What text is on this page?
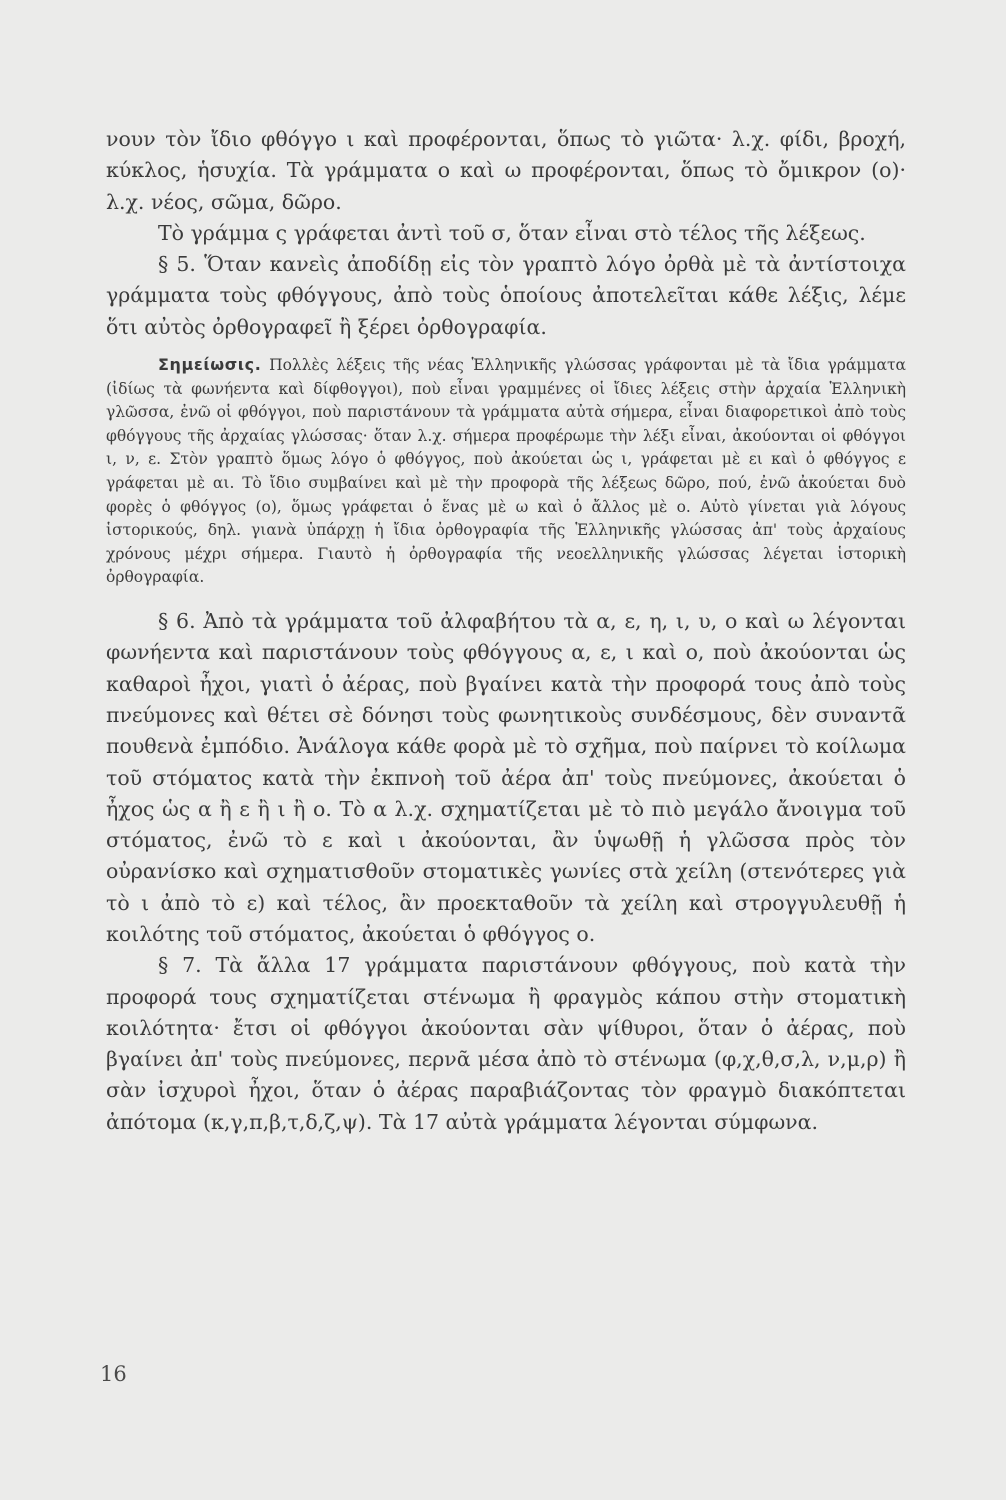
νουν τὸν ἴδιο φθόγγο ι καὶ προφέρονται, ὅπως τὸ γιῶτα· λ.χ. φίδι, βροχή, κύκλος, ἡσυχία. Τὰ γράμματα ο καὶ ω προφέρονται, ὅπως τὸ ὄμικρον (ο)· λ.χ. νέος, σῶμα, δῶρο.

Τὸ γράμμα ς γράφεται ἀντὶ τοῦ σ, ὅταν εἶναι στὸ τέλος τῆς λέξεως.

§ 5. Ὅταν κανεὶς ἀποδίδῃ εἰς τὸν γραπτὸ λόγο ὀρθὰ μὲ τὰ ἀντίστοιχα γράμματα τοὺς φθόγγους, ἀπὸ τοὺς ὁποίους ἀποτελεῖται κάθε λέξις, λέμε ὅτι αὐτὸς ὀρθογραφεῖ ἢ ξέρει ὀρθογραφία.

Σημείωσις. Πολλὲς λέξεις τῆς νέας Ἑλληνικῆς γλώσσας γράφονται μὲ τὰ ἴδια γράμματα (ἰδίως τὰ φωνήεντα καὶ δίφθογγοι), ποὺ εἶναι γραμμένες οἱ ἴδιες λέξεις στὴν ἀρχαία Ἑλληνικὴ γλῶσσα, ἐνῶ οἱ φθόγγοι, ποὺ παριστάνουν τὰ γράμματα αὐτὰ σήμερα, εἶναι διαφορετικοὶ ἀπὸ τοὺς φθόγγους τῆς ἀρχαίας γλώσσας· ὅταν λ.χ. σήμερα προφέρωμε τὴν λέξι εἶναι, ἀκούονται οἱ φθόγγοι ι, ν, ε. Στὸν γραπτὸ ὅμως λόγο ὁ φθόγγος, ποὺ ἀκούεται ὡς ι, γράφεται μὲ ει καὶ ὁ φθόγγος ε γράφεται μὲ αι. Τὸ ἴδιο συμβαίνει καὶ μὲ τὴν προφορὰ τῆς λέξεως δῶρο, πού, ἐνῶ ἀκούεται δυὸ φορὲς ὁ φθόγγος (ο), ὅμως γράφεται ὁ ἕνας μὲ ω καὶ ὁ ἄλλος μὲ ο. Αὐτὸ γίνεται γιὰ λόγους ἱστορικούς, δηλ. γιανὰ ὑπάρχῃ ἡ ἴδια ὀρθογραφία τῆς Ἑλληνικῆς γλώσσας ἀπ' τοὺς ἀρχαίους χρόνους μέχρι σήμερα. Γιαυτὸ ἡ ὀρθογραφία τῆς νεοελληνικῆς γλώσσας λέγεται ἱστορικὴ ὀρθογραφία.

§ 6. Ἀπὸ τὰ γράμματα τοῦ ἀλφαβήτου τὰ α, ε, η, ι, υ, ο καὶ ω λέγονται φωνήεντα καὶ παριστάνουν τοὺς φθόγγους α, ε, ι καὶ ο, ποὺ ἀκούονται ὡς καθαροὶ ἦχοι, γιατὶ ὁ ἀέρας, ποὺ βγαίνει κατὰ τὴν προφορά τους ἀπὸ τοὺς πνεύμονες καὶ θέτει σὲ δόνησι τοὺς φωνητικοὺς συνδέσμους, δὲν συναντᾶ πουθενὰ ἐμπόδιο. Ἀνάλογα κάθε φορὰ μὲ τὸ σχῆμα, ποὺ παίρνει τὸ κοίλωμα τοῦ στόματος κατὰ τὴν ἐκπνοὴ τοῦ ἀέρα ἀπ' τοὺς πνεύμονες, ἀκούεται ὁ ἦχος ὡς α ἢ ε ἢ ι ἢ ο. Τὸ α λ.χ. σχηματίζεται μὲ τὸ πιὸ μεγάλο ἄνοιγμα τοῦ στόματος, ἐνῶ τὸ ε καὶ ι ἀκούονται, ἂν ὑψωθῇ ἡ γλῶσσα πρὸς τὸν οὐρανίσκο καὶ σχηματισθοῦν στοματικὲς γωνίες στὰ χείλη (στενότερες γιὰ τὸ ι ἀπὸ τὸ ε) καὶ τέλος, ἂν προεκταθοῦν τὰ χείλη καὶ στρογγυλευθῇ ἡ κοιλότης τοῦ στόματος, ἀκούεται ὁ φθόγγος ο.

§ 7. Τὰ ἄλλα 17 γράμματα παριστάνουν φθόγγους, ποὺ κατὰ τὴν προφορά τους σχηματίζεται στένωμα ἢ φραγμὸς κάπου στὴν στοματικὴ κοιλότητα· ἔτσι οἱ φθόγγοι ἀκούονται σὰν ψίθυροι, ὅταν ὁ ἀέρας, ποὺ βγαίνει ἀπ' τοὺς πνεύμονες, περνᾶ μέσα ἀπὸ τὸ στένωμα (φ,χ,θ,σ,λ, ν,μ,ρ) ἢ σὰν ἰσχυροὶ ἦχοι, ὅταν ὁ ἀέρας παραβιάζοντας τὸν φραγμὸ διακόπτεται ἀπότομα (κ,γ,π,β,τ,δ,ζ,ψ). Τὰ 17 αὐτὰ γράμματα λέγονται σύμφωνα.

16
